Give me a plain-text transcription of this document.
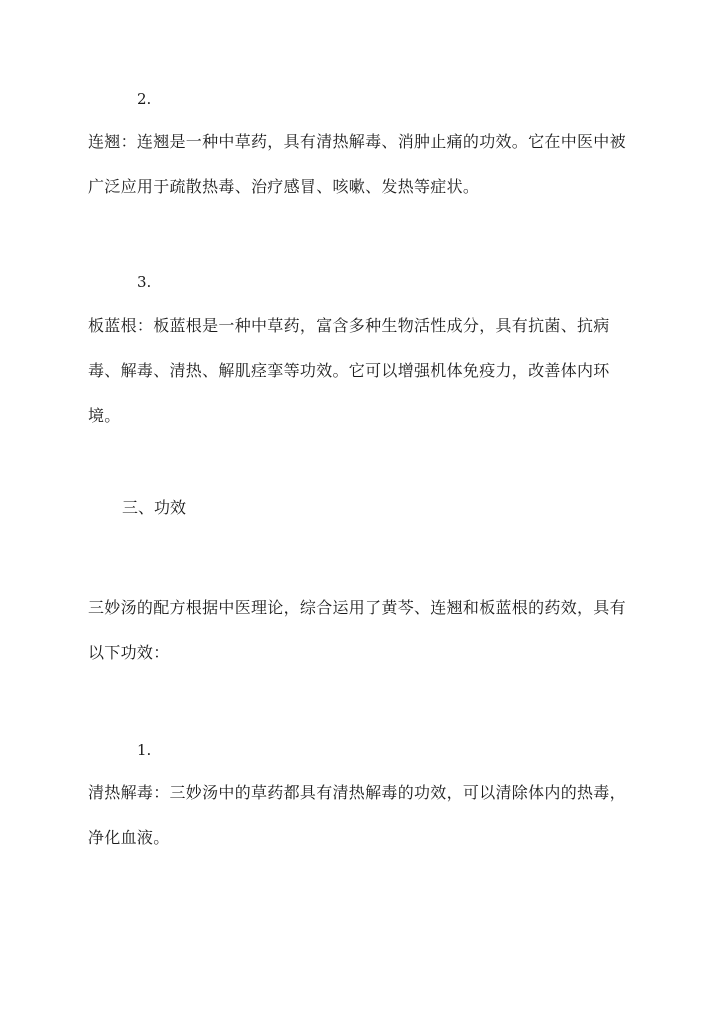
2.
连翘：连翘是一种中草药，具有清热解毒、消肿止痛的功效。它在中医中被广泛应用于疏散热毒、治疗感冒、咳嗽、发热等症状。
3.
板蓝根：板蓝根是一种中草药，富含多种生物活性成分，具有抗菌、抗病毒、解毒、清热、解肌痉挛等功效。它可以增强机体免疫力，改善体内环境。
三、功效
三妙汤的配方根据中医理论，综合运用了黄芩、连翘和板蓝根的药效，具有以下功效：
1.
清热解毒：三妙汤中的草药都具有清热解毒的功效，可以清除体内的热毒，净化血液。
